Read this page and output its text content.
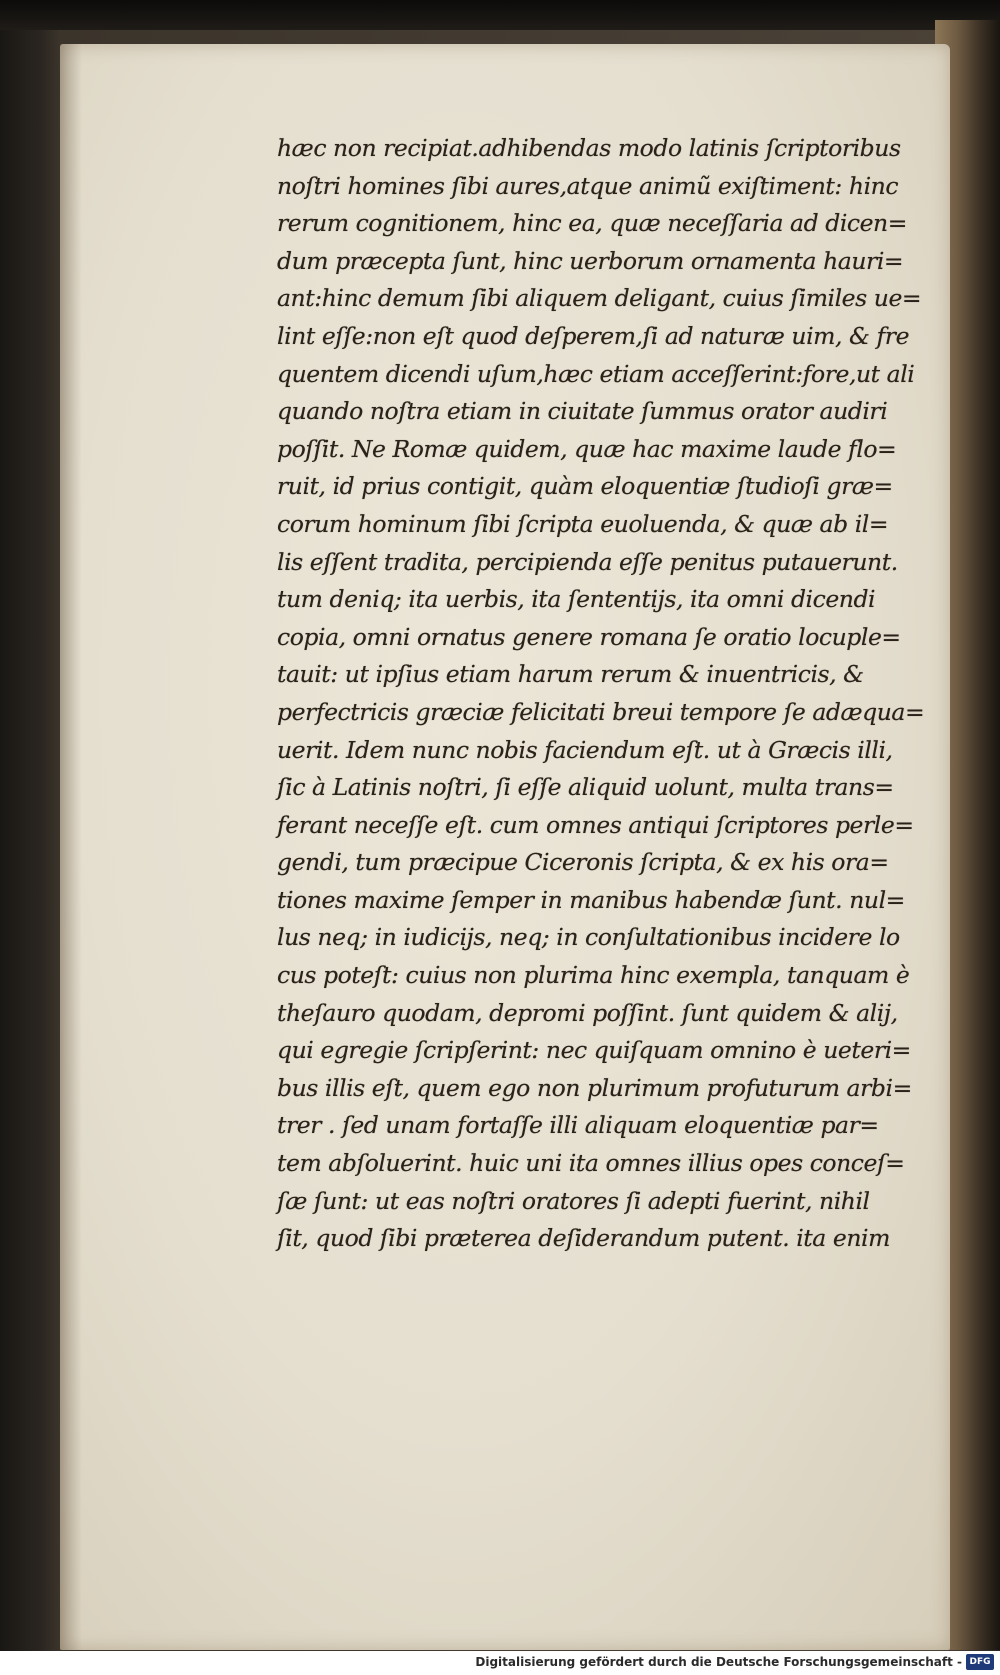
hæc non recipiat.adhibendas modo latinis ſcriptoribus
noſtri homines ſibi aures,atque animũ exiſtiment: hinc
rerum cognitionem, hinc ea, quæ neceſſaria ad dicen=
dum præcepta ſunt, hinc uerborum ornamenta hauri=
ant:hinc demum ſibi aliquem deligant, cuius ſimiles ue=
lint eſſe:non eſt quod deſperem,ſi ad naturæ uim, & fre
quentem dicendi uſum,hæc etiam acceſſerint:fore,ut ali
quando noſtra etiam in ciuitate ſummus orator audiri
poſſit. Ne Romæ quidem, quæ hac maxime laude flo=
ruit, id prius contigit, quàm eloquentiæ ſtudioſi græ=
corum hominum ſibi ſcripta euoluenda, & quæ ab il=
lis eſſent tradita, percipienda eſſe penitus putauerunt.
tum deniq; ita uerbis, ita ſententijs, ita omni dicendi
copia, omni ornatus genere romana ſe oratio locuple=
tauit: ut ipſius etiam harum rerum & inuentricis, &
perfectricis græciæ felicitati breui tempore ſe adæqua=
uerit. Idem nunc nobis faciendum eſt. ut à Græcis illi,
ſic à Latinis noſtri, ſi eſſe aliquid uolunt, multa trans=
ferant neceſſe eſt. cum omnes antiqui ſcriptores perle=
gendi, tum præcipue Ciceronis ſcripta, & ex his ora=
tiones maxime ſemper in manibus habendæ ſunt. nul=
lus neq; in iudicijs, neq; in conſultationibus incidere lo
cus poteſt: cuius non plurima hinc exempla, tanquam è
theſauro quodam, depromi poſſint. ſunt quidem & alij,
qui egregie ſcripſerint: nec quiſquam omnino è ueteri=
bus illis eſt, quem ego non plurimum profuturum arbi=
trer . ſed unam fortaſſe illi aliquam eloquentiæ par=
tem abſoluerint. huic uni ita omnes illius opes conceſ=
ſæ ſunt: ut eas noſtri oratores ſi adepti fuerint, nihil
ſit, quod ſibi præterea deſiderandum putent. ita enim
Digitalisierung gefördert durch die Deutsche Forschungsgemeinschaft - DFG
